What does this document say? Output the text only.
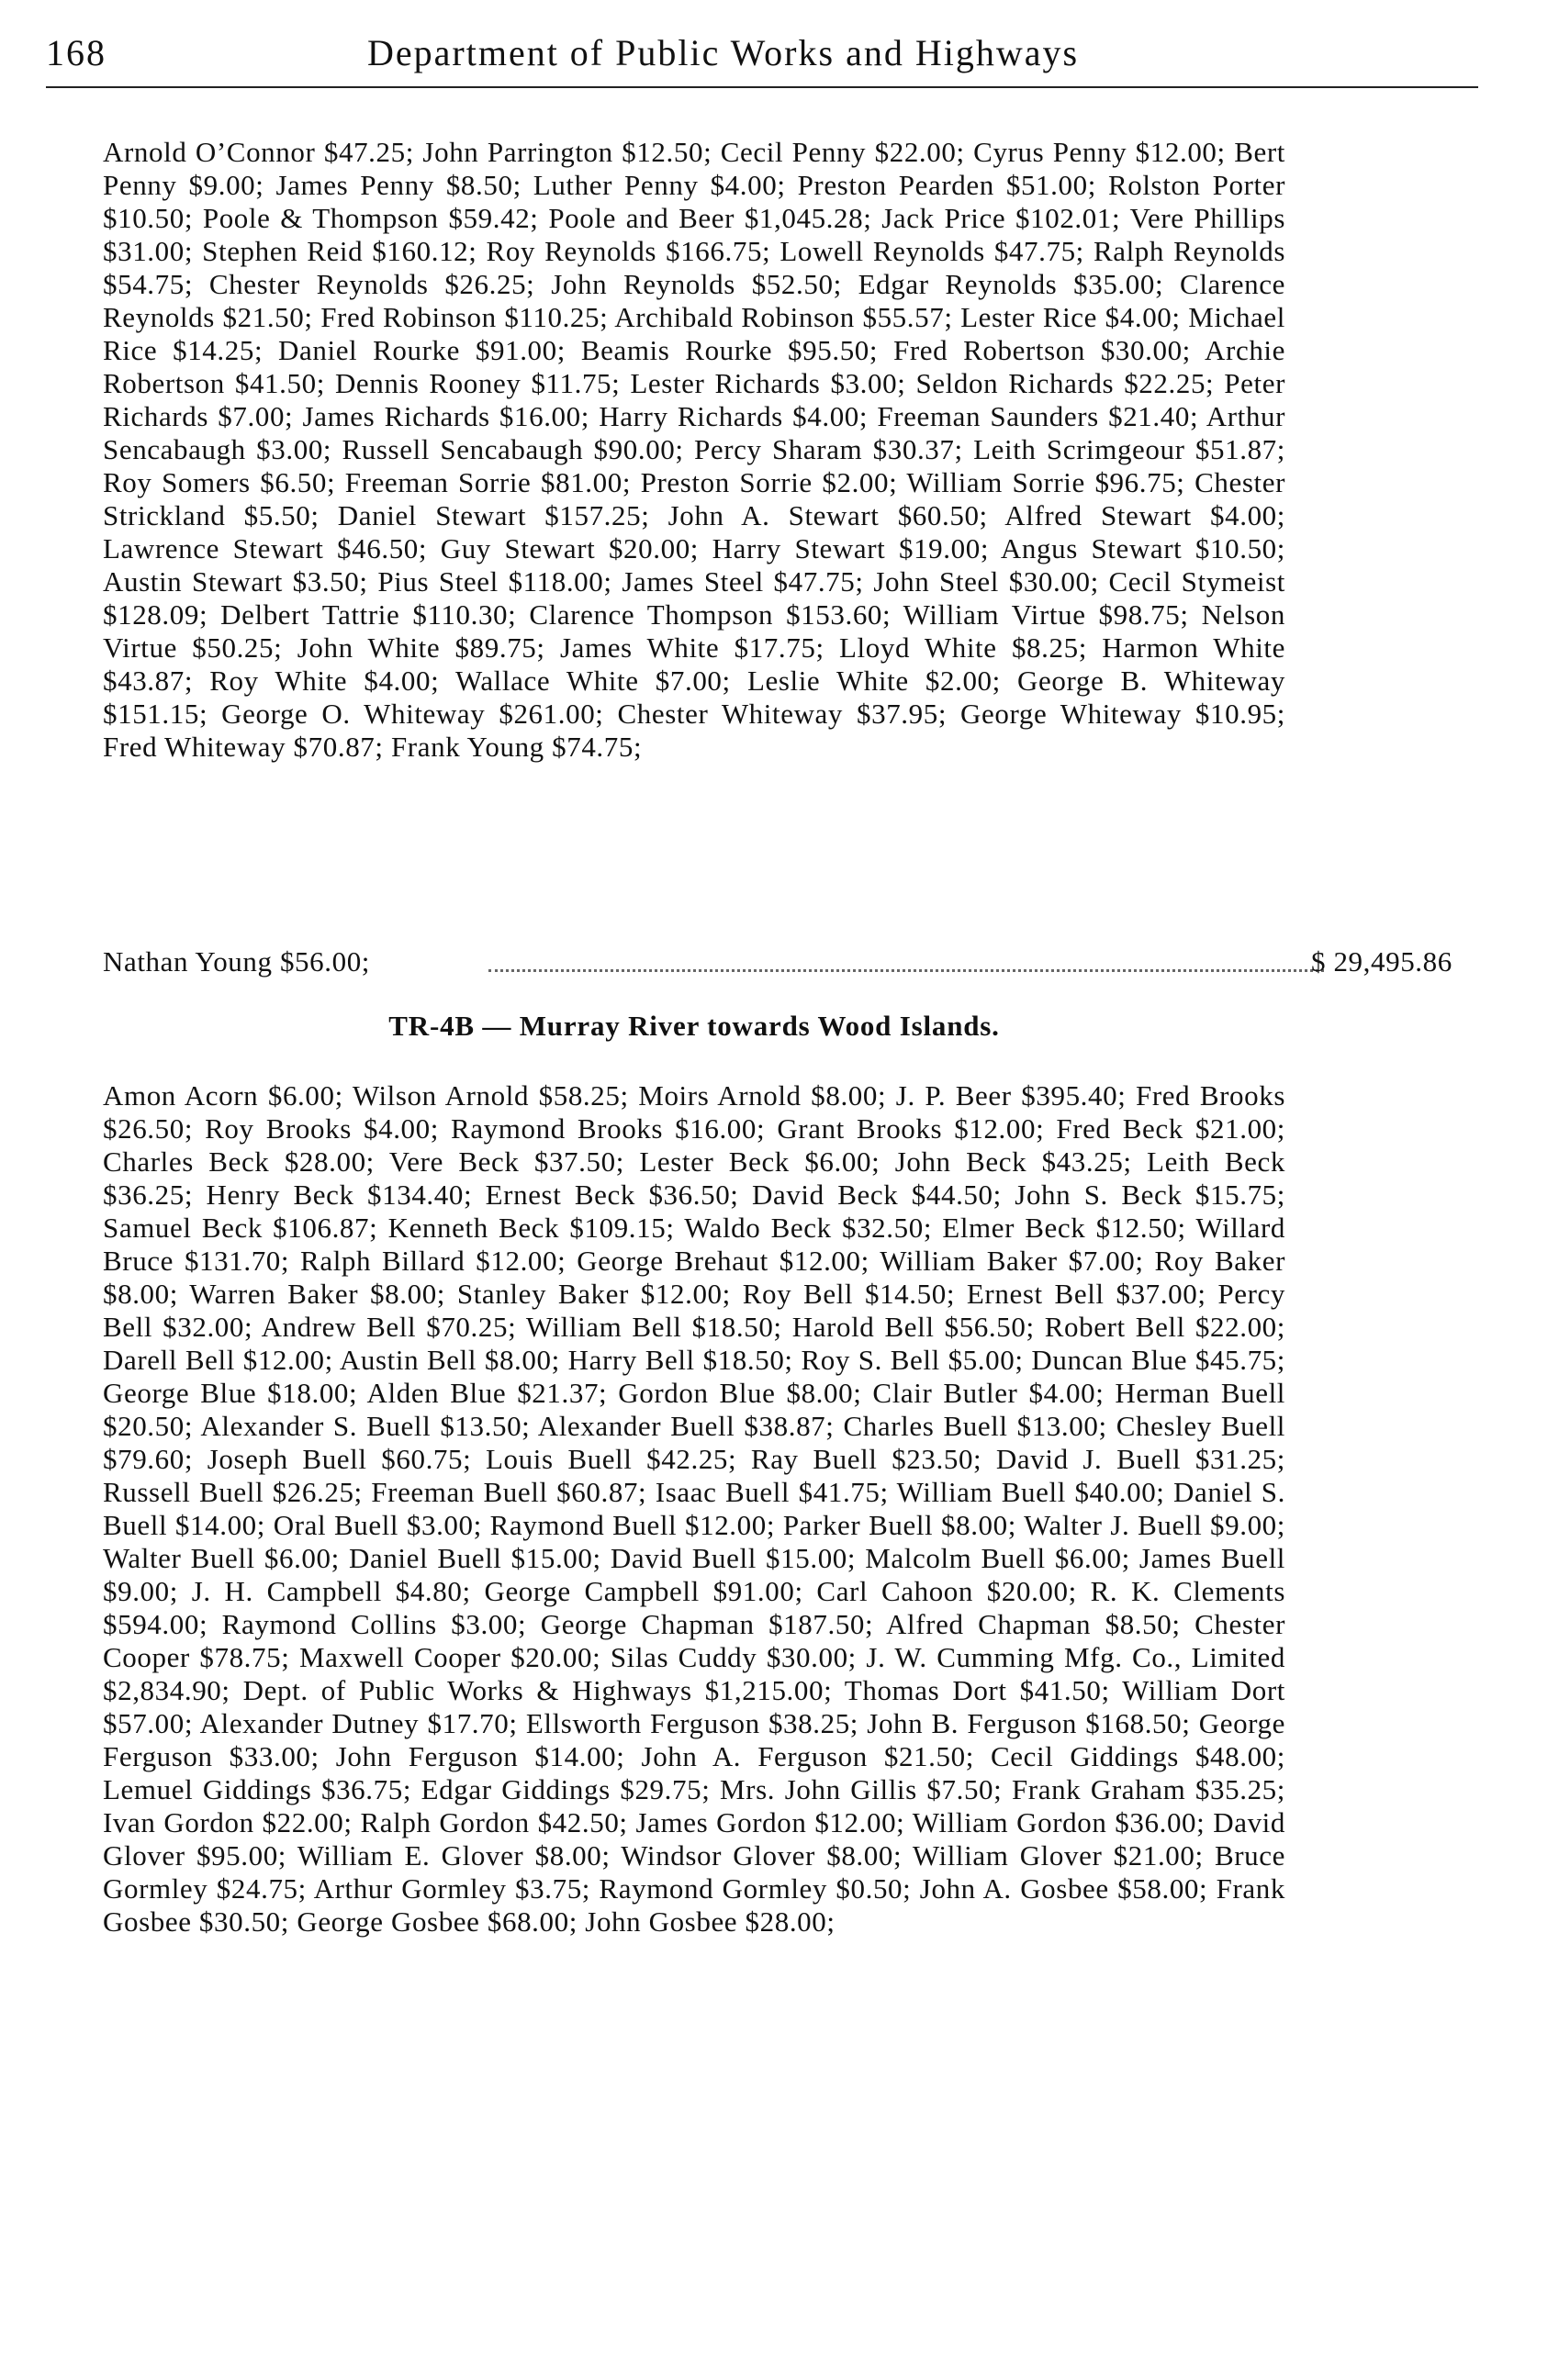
168	Department of Public Works and Highways

Arnold O’Connor $47.25; John Parrington $12.50; Cecil Penny $22.00; Cyrus Penny $12.00; Bert Penny $9.00; James Penny $8.50; Luther Penny $4.00; Preston Pearden $51.00; Rolston Porter $10.50; Poole & Thompson $59.42; Poole and Beer $1,045.28; Jack Price $102.01; Vere Phillips $31.00; Stephen Reid $160.12; Roy Reynolds $166.75; Lowell Reynolds $47.75; Ralph Reynolds $54.75; Chester Reynolds $26.25; John Reynolds $52.50; Edgar Reynolds $35.00; Clarence Reynolds $21.50; Fred Robinson $110.25; Archibald Robinson $55.57; Lester Rice $4.00; Michael Rice $14.25; Daniel Rourke $91.00; Beamis Rourke $95.50; Fred Robertson $30.00; Archie Robertson $41.50; Dennis Rooney $11.75; Lester Richards $3.00; Seldon Richards $22.25; Peter Richards $7.00; James Richards $16.00; Harry Richards $4.00; Freeman Saunders $21.40; Arthur Sencabaugh $3.00; Russell Sencabaugh $90.00; Percy Sharam $30.37; Leith Scrimgeour $51.87; Roy Somers $6.50; Freeman Sorrie $81.00; Preston Sorrie $2.00; William Sorrie $96.75; Chester Strickland $5.50; Daniel Stewart $157.25; John A. Stewart $60.50; Alfred Stewart $4.00; Lawrence Stewart $46.50; Guy Stewart $20.00; Harry Stewart $19.00; Angus Stewart $10.50; Austin Stewart $3.50; Pius Steel $118.00; James Steel $47.75; John Steel $30.00; Cecil Stymeist $128.09; Delbert Tattrie $110.30; Clarence Thompson $153.60; William Virtue $98.75; Nelson Virtue $50.25; John White $89.75; James White $17.75; Lloyd White $8.25; Harmon White $43.87; Roy White $4.00; Wallace White $7.00; Leslie White $2.00; George B. Whiteway $151.15; George O. Whiteway $261.00; Chester Whiteway $37.95; George Whiteway $10.95; Fred Whiteway $70.87; Frank Young $74.75;

Nathan Young $56.00;	$ 29,495.86
TR-4B — Murray River towards Wood Islands.

Amon Acorn $6.00; Wilson Arnold $58.25; Moirs Arnold $8.00; J. P. Beer $395.40; Fred Brooks $26.50; Roy Brooks $4.00; Raymond Brooks $16.00; Grant Brooks $12.00; Fred Beck $21.00; Charles Beck $28.00; Vere Beck $37.50; Lester Beck $6.00; John Beck $43.25; Leith Beck $36.25; Henry Beck $134.40; Ernest Beck $36.50; David Beck $44.50; John S. Beck $15.75; Samuel Beck $106.87; Kenneth Beck $109.15; Waldo Beck $32.50; Elmer Beck $12.50; Willard Bruce $131.70; Ralph Billard $12.00; George Brehaut $12.00; William Baker $7.00; Roy Baker $8.00; Warren Baker $8.00; Stanley Baker $12.00; Roy Bell $14.50; Ernest Bell $37.00; Percy Bell $32.00; Andrew Bell $70.25; William Bell $18.50; Harold Bell $56.50; Robert Bell $22.00; Darell Bell $12.00; Austin Bell $8.00; Harry Bell $18.50; Roy S. Bell $5.00; Duncan Blue $45.75; George Blue $18.00; Alden Blue $21.37; Gordon Blue $8.00; Clair Butler $4.00; Herman Buell $20.50; Alexander S. Buell $13.50; Alexander Buell $38.87; Charles Buell $13.00; Chesley Buell $79.60; Joseph Buell $60.75; Louis Buell $42.25; Ray Buell $23.50; David J. Buell $31.25; Russell Buell $26.25; Freeman Buell $60.87; Isaac Buell $41.75; William Buell $40.00; Daniel S. Buell $14.00; Oral Buell $3.00; Raymond Buell $12.00; Parker Buell $8.00; Walter J. Buell $9.00; Walter Buell $6.00; Daniel Buell $15.00; David Buell $15.00; Malcolm Buell $6.00; James Buell $9.00; J. H. Campbell $4.80; George Campbell $91.00; Carl Cahoon $20.00; R. K. Clements $594.00; Raymond Collins $3.00; George Chapman $187.50; Alfred Chapman $8.50; Chester Cooper $78.75; Maxwell Cooper $20.00; Silas Cuddy $30.00; J. W. Cumming Mfg. Co., Limited $2,834.90; Dept. of Public Works & Highways $1,215.00; Thomas Dort $41.50; William Dort $57.00; Alexander Dutney $17.70; Ellsworth Ferguson $38.25; John B. Ferguson $168.50; George Ferguson $33.00; John Ferguson $14.00; John A. Ferguson $21.50; Cecil Giddings $48.00; Lemuel Giddings $36.75; Edgar Giddings $29.75; Mrs. John Gillis $7.50; Frank Graham $35.25; Ivan Gordon $22.00; Ralph Gordon $42.50; James Gordon $12.00; William Gordon $36.00; David Glover $95.00; William E. Glover $8.00; Windsor Glover $8.00; William Glover $21.00; Bruce Gormley $24.75; Arthur Gormley $3.75; Raymond Gormley $0.50; John A. Gosbee $58.00; Frank Gosbee $30.50; George Gosbee $68.00; John Gosbee $28.00;
